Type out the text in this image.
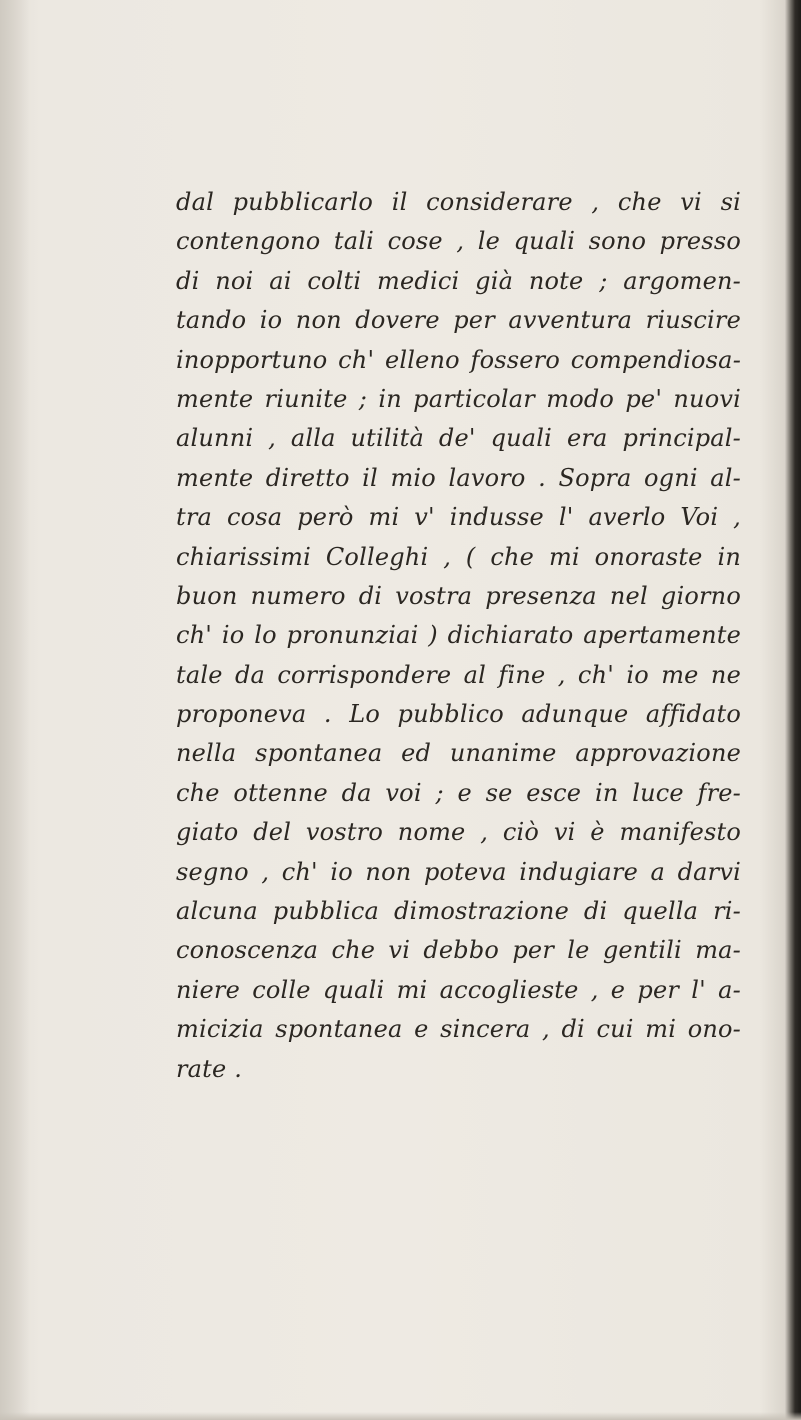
dal pubblicarlo il considerare , che vi si
contengono tali cose , le quali sono presso
di noi ai colti medici già note ; argomen-
tando io non dovere per avventura riuscire
inopportuno ch' elleno fossero compendiosa-
mente riunite ; in particolar modo pe' nuovi
alunni , alla utilità de' quali era principal-
mente diretto il mio lavoro . Sopra ogni al-
tra cosa però mi v' indusse l' averlo Voi ,
chiarissimi Colleghi , ( che mi onoraste in
buon numero di vostra presenza nel giorno
ch' io lo pronunziai ) dichiarato apertamente
tale da corrispondere al fine , ch' io me ne
proponeva . Lo pubblico adunque affidato
nella spontanea ed unanime approvazione
che ottenne da voi ; e se esce in luce fre-
giato del vostro nome , ciò vi è manifesto
segno , ch' io non poteva indugiare a darvi
alcuna pubblica dimostrazione di quella ri-
conoscenza che vi debbo per le gentili ma-
niere colle quali mi accoglieste , e per l' a-
micizia spontanea e sincera , di cui mi ono-
rate .
